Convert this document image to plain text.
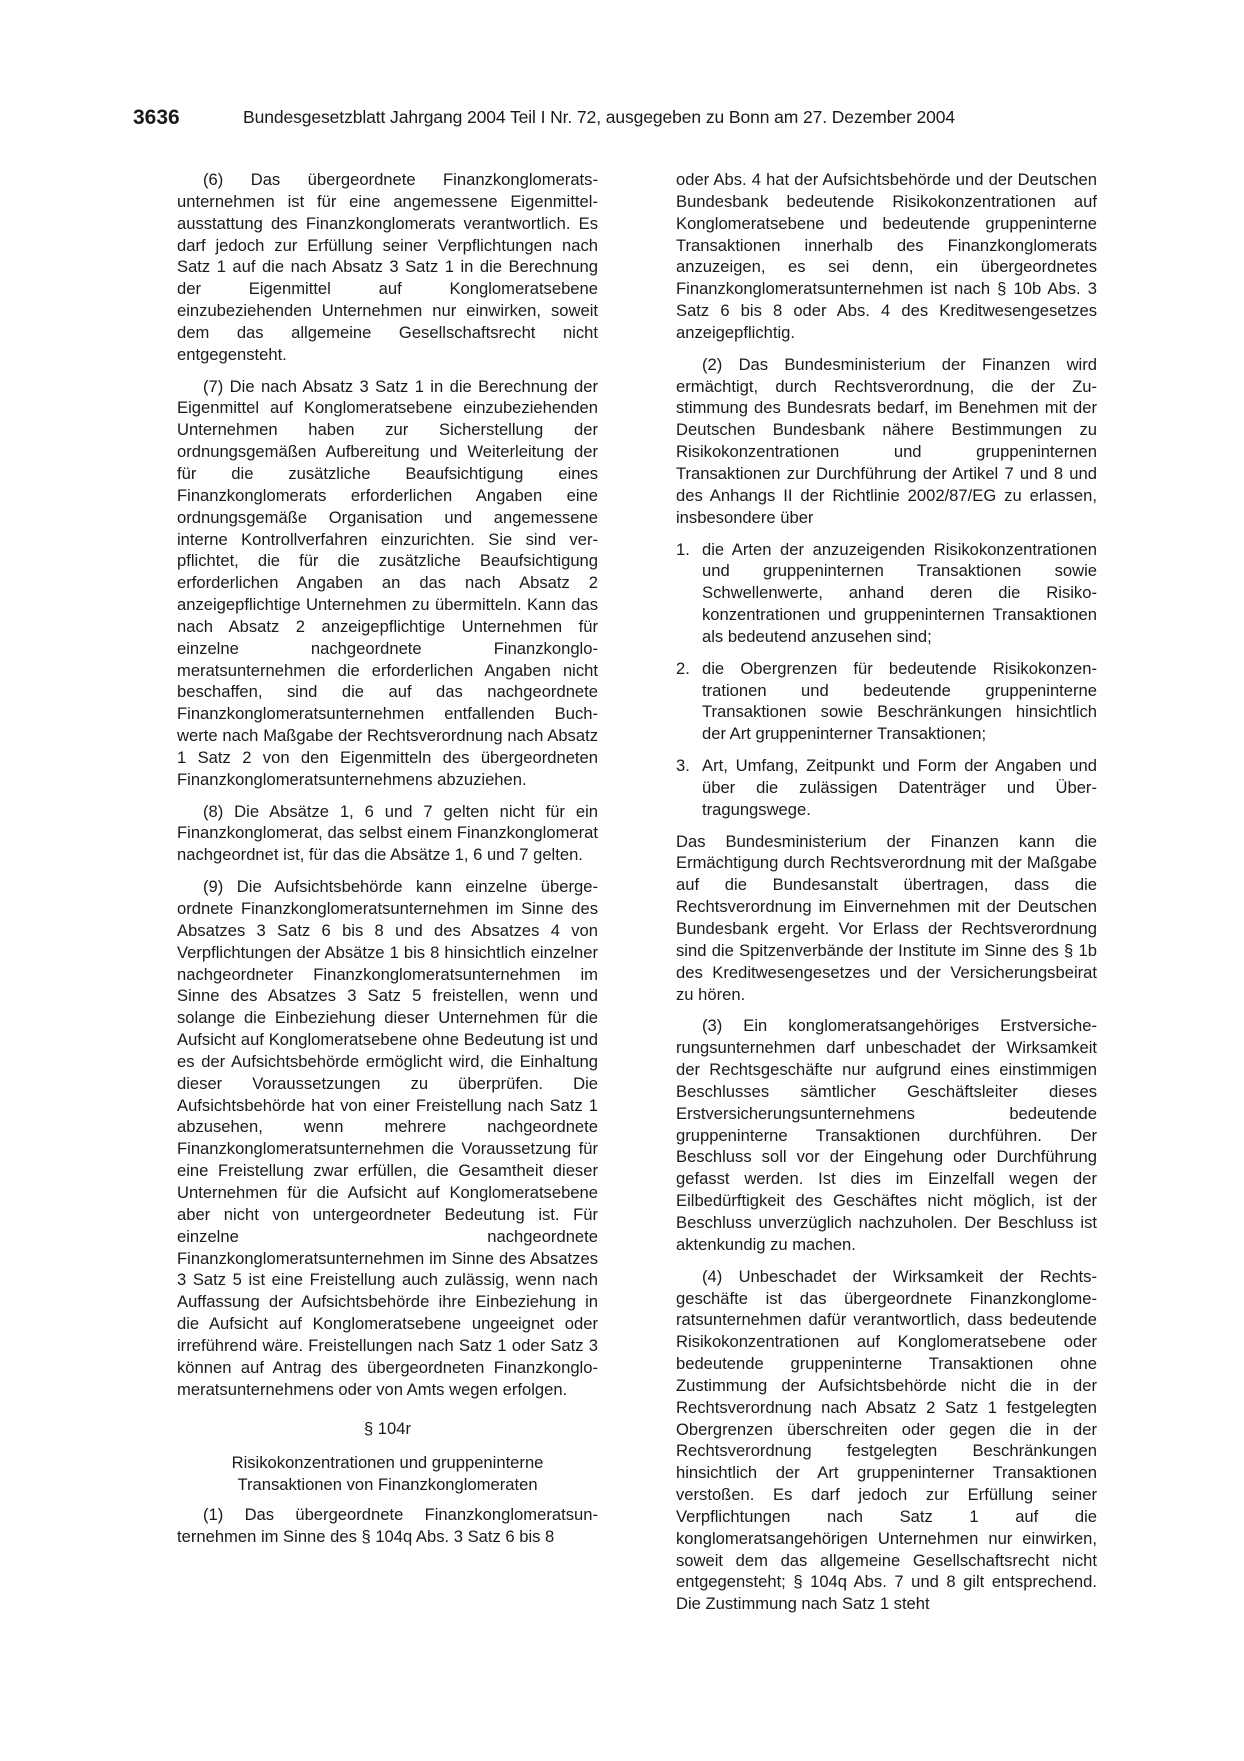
3636	Bundesgesetzblatt Jahrgang 2004 Teil I Nr. 72, ausgegeben zu Bonn am 27. Dezember 2004

(6) Das übergeordnete Finanzkonglomeratsunternehmen ist für eine angemessene Eigenmittelausstattung des Finanzkonglomerats verantwortlich. Es darf jedoch zur Erfüllung seiner Verpflichtungen nach Satz 1 auf die nach Absatz 3 Satz 1 in die Berechnung der Eigenmittel auf Konglomeratsebene einzubeziehenden Unternehmen nur einwirken, soweit dem das allgemeine Gesellschaftsrecht nicht entgegensteht.

(7) Die nach Absatz 3 Satz 1 in die Berechnung der Eigenmittel auf Konglomeratsebene einzubeziehenden Unternehmen haben zur Sicherstellung der ordnungsgemäßen Aufbereitung und Weiterleitung der für die zusätzliche Beaufsichtigung eines Finanzkonglomerats erforderlichen Angaben eine ordnungsgemäße Organisation und angemessene interne Kontrollverfahren einzurichten. Sie sind verpflichtet, die für die zusätzliche Beaufsichtigung erforderlichen Angaben an das nach Absatz 2 anzeigepflichtige Unternehmen zu übermitteln. Kann das nach Absatz 2 anzeigepflichtige Unternehmen für einzelne nachgeordnete Finanzkonglomeratsunternehmen die erforderlichen Angaben nicht beschaffen, sind die auf das nachgeordnete Finanzkonglomeratsunternehmen entfallenden Buchwerte nach Maßgabe der Rechtsverordnung nach Absatz 1 Satz 2 von den Eigenmitteln des übergeordneten Finanzkonglomeratsunternehmens abzuziehen.

(8) Die Absätze 1, 6 und 7 gelten nicht für ein Finanzkonglomerat, das selbst einem Finanzkonglomerat nachgeordnet ist, für das die Absätze 1, 6 und 7 gelten.

(9) Die Aufsichtsbehörde kann einzelne übergeordnete Finanzkonglomeratsunternehmen im Sinne des Absatzes 3 Satz 6 bis 8 und des Absatzes 4 von Verpflichtungen der Absätze 1 bis 8 hinsichtlich einzelner nachgeordneter Finanzkonglomeratsunternehmen im Sinne des Absatzes 3 Satz 5 freistellen, wenn und solange die Einbeziehung dieser Unternehmen für die Aufsicht auf Konglomeratsebene ohne Bedeutung ist und es der Aufsichtsbehörde ermöglicht wird, die Einhaltung dieser Voraussetzungen zu überprüfen. Die Aufsichtsbehörde hat von einer Freistellung nach Satz 1 abzusehen, wenn mehrere nachgeordnete Finanzkonglomeratsunternehmen die Voraussetzung für eine Freistellung zwar erfüllen, die Gesamtheit dieser Unternehmen für die Aufsicht auf Konglomeratsebene aber nicht von untergeordneter Bedeutung ist. Für einzelne nachgeordnete Finanzkonglomeratsunternehmen im Sinne des Absatzes 3 Satz 5 ist eine Freistellung auch zulässig, wenn nach Auffassung der Aufsichtsbehörde ihre Einbeziehung in die Aufsicht auf Konglomeratsebene ungeeignet oder irreführend wäre. Freistellungen nach Satz 1 oder Satz 3 können auf Antrag des übergeordneten Finanzkonglomeratsunternehmens oder von Amts wegen erfolgen.

§ 104r
Risikokonzentrationen und gruppeninterne
Transaktionen von Finanzkonglomeraten

(1) Das übergeordnete Finanzkonglomeratsunternehmen im Sinne des § 104q Abs. 3 Satz 6 bis 8

oder Abs. 4 hat der Aufsichtsbehörde und der Deutschen Bundesbank bedeutende Risikokonzentrationen auf Konglomeratsebene und bedeutende gruppeninterne Transaktionen innerhalb des Finanzkonglomerats anzuzeigen, es sei denn, ein übergeordnetes Finanzkonglomeratsunternehmen ist nach § 10b Abs. 3 Satz 6 bis 8 oder Abs. 4 des Kreditwesengesetzes anzeigepflichtig.

(2) Das Bundesministerium der Finanzen wird ermächtigt, durch Rechtsverordnung, die der Zustimmung des Bundesrats bedarf, im Benehmen mit der Deutschen Bundesbank nähere Bestimmungen zu Risikokonzentrationen und gruppeninternen Transaktionen zur Durchführung der Artikel 7 und 8 und des Anhangs II der Richtlinie 2002/87/EG zu erlassen, insbesondere über

1. die Arten der anzuzeigenden Risikokonzentrationen und gruppeninternen Transaktionen sowie Schwellenwerte, anhand deren die Risikokonzentrationen und gruppeninternen Transaktionen als bedeutend anzusehen sind;
2. die Obergrenzen für bedeutende Risikokonzentrationen und bedeutende gruppeninterne Transaktionen sowie Beschränkungen hinsichtlich der Art gruppeninterner Transaktionen;
3. Art, Umfang, Zeitpunkt und Form der Angaben und über die zulässigen Datenträger und Übertragungswege.

Das Bundesministerium der Finanzen kann die Ermächtigung durch Rechtsverordnung mit der Maßgabe auf die Bundesanstalt übertragen, dass die Rechtsverordnung im Einvernehmen mit der Deutschen Bundesbank ergeht. Vor Erlass der Rechtsverordnung sind die Spitzenverbände der Institute im Sinne des § 1b des Kreditwesengesetzes und der Versicherungsbeirat zu hören.

(3) Ein konglomeratsangehöriges Erstversicherungsunternehmen darf unbeschadet der Wirksamkeit der Rechtsgeschäfte nur aufgrund eines einstimmigen Beschlusses sämtlicher Geschäftsleiter dieses Erstversicherungsunternehmens bedeutende gruppeninterne Transaktionen durchführen. Der Beschluss soll vor der Eingehung oder Durchführung gefasst werden. Ist dies im Einzelfall wegen der Eilbedürftigkeit des Geschäftes nicht möglich, ist der Beschluss unverzüglich nachzuholen. Der Beschluss ist aktenkundig zu machen.

(4) Unbeschadet der Wirksamkeit der Rechtsgeschäfte ist das übergeordnete Finanzkonglomeratsunternehmen dafür verantwortlich, dass bedeutende Risikokonzentrationen auf Konglomeratsebene oder bedeutende gruppeninterne Transaktionen ohne Zustimmung der Aufsichtsbehörde nicht die in der Rechtsverordnung nach Absatz 2 Satz 1 festgelegten Obergrenzen überschreiten oder gegen die in der Rechtsverordnung festgelegten Beschränkungen hinsichtlich der Art gruppeninterner Transaktionen verstoßen. Es darf jedoch zur Erfüllung seiner Verpflichtungen nach Satz 1 auf die konglomeratsangehörigen Unternehmen nur einwirken, soweit dem das allgemeine Gesellschaftsrecht nicht entgegensteht; § 104q Abs. 7 und 8 gilt entsprechend. Die Zustimmung nach Satz 1 steht
